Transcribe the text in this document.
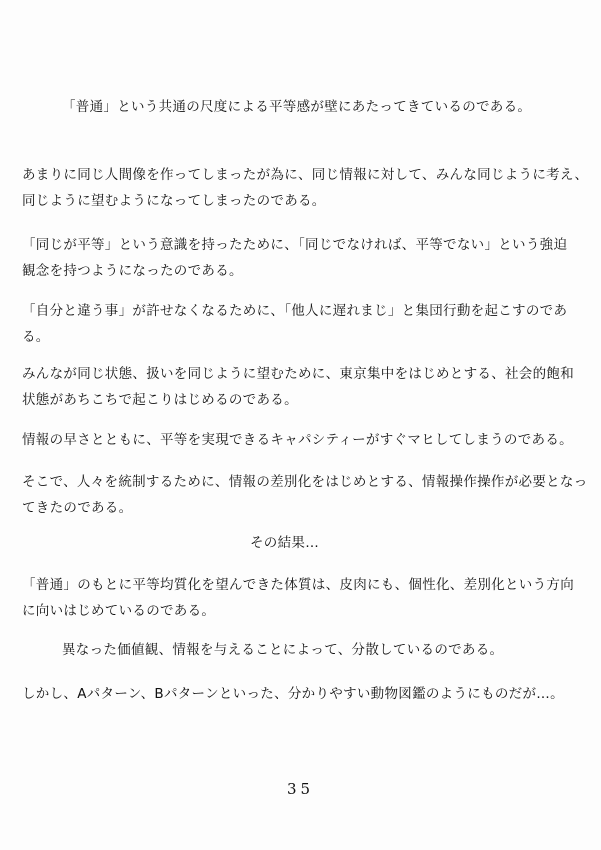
「普通」という共通の尺度による平等感が壁にあたってきているのである。
あまりに同じ人間像を作ってしまったが為に、同じ情報に対して、みんな同じように考え、
同じように望むようになってしまったのである。
「同じが平等」という意識を持ったために、「同じでなければ、平等でない」という強迫
観念を持つようになったのである。
「自分と違う事」が許せなくなるために、「他人に遅れまじ」と集団行動を起こすのであ
る。
みんなが同じ状態、扱いを同じように望むために、東京集中をはじめとする、社会的飽和
状態があちこちで起こりはじめるのである。
情報の早さとともに、平等を実現できるキャパシティーがすぐマヒしてしまうのである。
そこで、人々を統制するために、情報の差別化をはじめとする、情報操作操作が必要となっ
てきたのである。
その結果…
「普通」のもとに平等均質化を望んできた体質は、皮肉にも、個性化、差別化という方向
に向いはじめているのである。
異なった価値観、情報を与えることによって、分散しているのである。
しかし、Aパターン、Bパターンといった、分かりやすい動物図鑑のようにものだが…。
35
